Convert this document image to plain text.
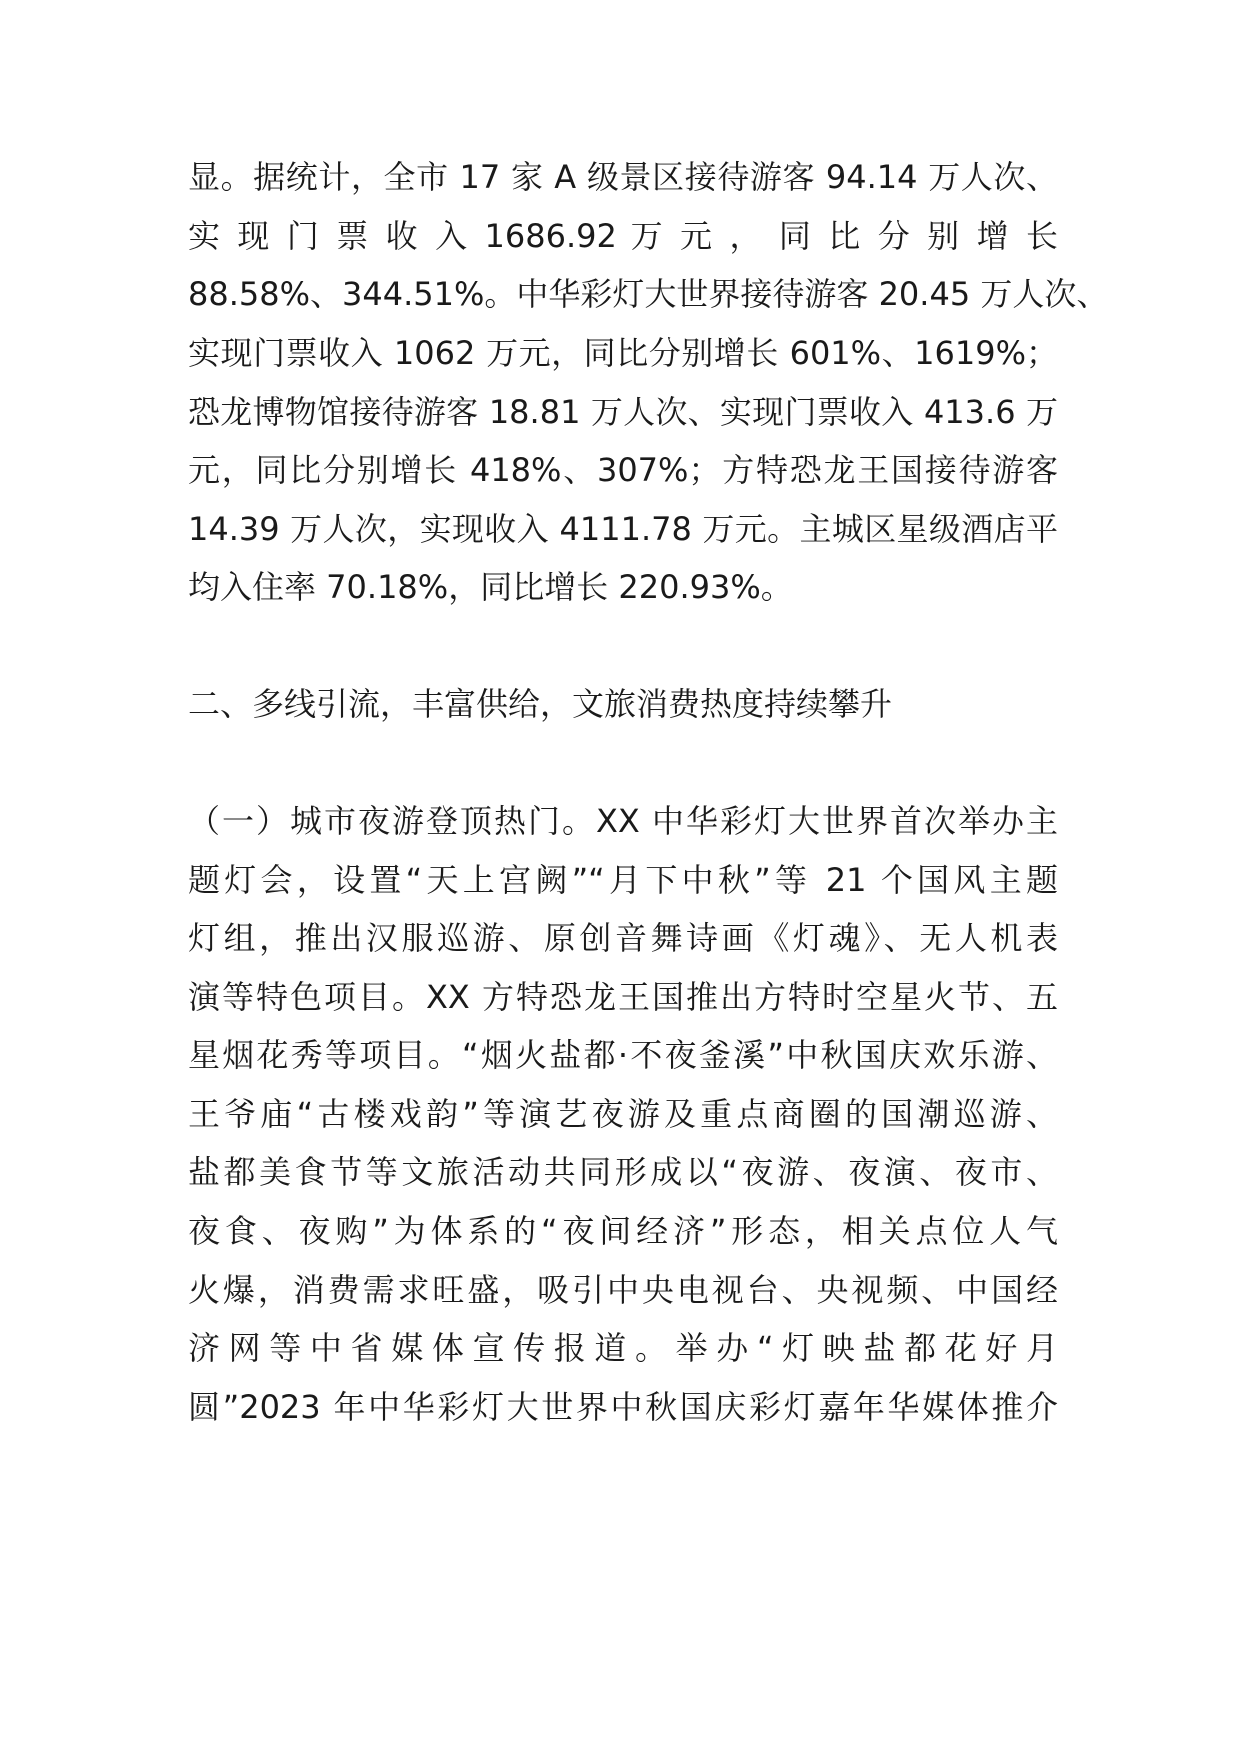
显。据统计，全市 17 家 A 级景区接待游客 94.14 万人次、
实 现 门 票 收 入 1686.92 万 元 ， 同 比 分 别 增 长
88.58%、344.51%。中华彩灯大世界接待游客 20.45 万人次、
实现门票收入 1062 万元，同比分别增长 601%、1619%；
恐龙博物馆接待游客 18.81 万人次、实现门票收入 413.6 万
元，同比分别增长 418%、307%；方特恐龙王国接待游客
14.39 万人次，实现收入 4111.78 万元。主城区星级酒店平
均入住率 70.18%，同比增长 220.93%。
二、多线引流，丰富供给，文旅消费热度持续攀升
（一）城市夜游登顶热门。XX 中华彩灯大世界首次举办主
题灯会，设置“天上宫阙”“月下中秋”等 21 个国风主题
灯组，推出汉服巡游、原创音舞诗画《灯魂》、无人机表
演等特色项目。XX 方特恐龙王国推出方特时空星火节、五
星烟花秀等项目。“烟火盐都·不夜釜溪”中秋国庆欢乐游、
王爷庙“古楼戏韵”等演艺夜游及重点商圈的国潮巡游、
盐都美食节等文旅活动共同形成以“夜游、夜演、夜市、
夜食、夜购”为体系的“夜间经济”形态，相关点位人气
火爆，消费需求旺盛，吸引中央电视台、央视频、中国经
济网等中省媒体宣传报道。举办“灯映盐都花好月
圆”2023 年中华彩灯大世界中秋国庆彩灯嘉年华媒体推介
